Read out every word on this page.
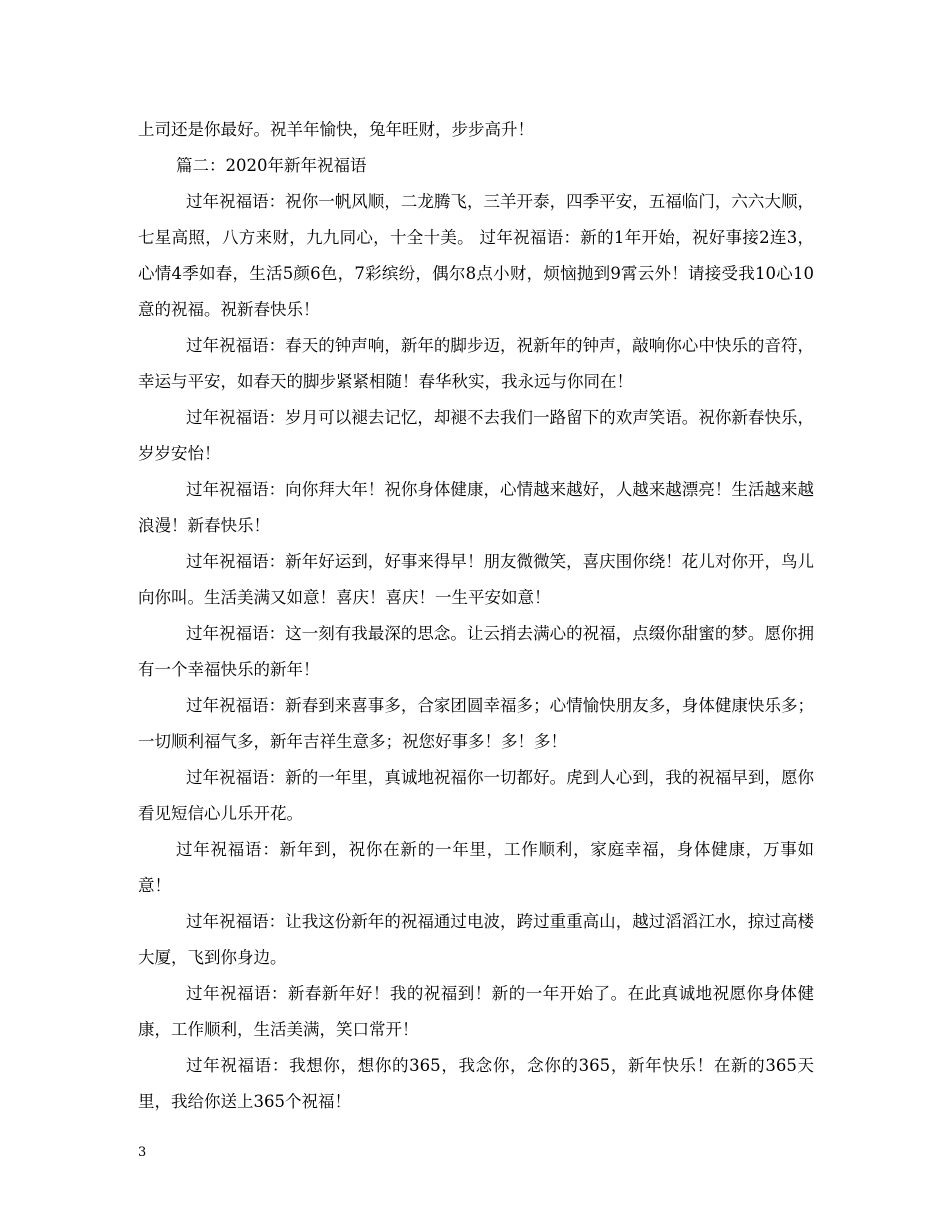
上司还是你最好。祝羊年愉快，兔年旺财，步步高升！

篇二：2020年新年祝福语

过年祝福语：祝你一帆风顺，二龙腾飞，三羊开泰，四季平安，五福临门，六六大顺，七星高照，八方来财，九九同心，十全十美。 过年祝福语：新的1年开始，祝好事接2连3，心情4季如春，生活5颜6色，7彩缤纷，偶尔8点小财，烦恼抛到9霄云外！请接受我10心10意的祝福。祝新春快乐！

过年祝福语：春天的钟声响，新年的脚步迈，祝新年的钟声，敲响你心中快乐的音符，幸运与平安，如春天的脚步紧紧相随！春华秋实，我永远与你同在！

过年祝福语：岁月可以褪去记忆，却褪不去我们一路留下的欢声笑语。祝你新春快乐，岁岁安怡！

过年祝福语：向你拜大年！祝你身体健康，心情越来越好，人越来越漂亮！生活越来越浪漫！新春快乐！

过年祝福语：新年好运到，好事来得早！朋友微微笑，喜庆围你绕！花儿对你开，鸟儿向你叫。生活美满又如意！喜庆！喜庆！一生平安如意！

过年祝福语：这一刻有我最深的思念。让云捎去满心的祝福，点缀你甜蜜的梦。愿你拥有一个幸福快乐的新年！

过年祝福语：新春到来喜事多，合家团圆幸福多；心情愉快朋友多，身体健康快乐多；一切顺利福气多，新年吉祥生意多；祝您好事多！多！多！

过年祝福语：新的一年里，真诚地祝福你一切都好。虎到人心到，我的祝福早到，愿你看见短信心儿乐开花。

过年祝福语：新年到，祝你在新的一年里，工作顺利，家庭幸福，身体健康，万事如意！

过年祝福语：让我这份新年的祝福通过电波，跨过重重高山，越过滔滔江水，掠过高楼大厦，飞到你身边。

过年祝福语：新春新年好！我的祝福到！新的一年开始了。在此真诚地祝愿你身体健康，工作顺利，生活美满，笑口常开！

过年祝福语：我想你，想你的365，我念你，念你的365，新年快乐！在新的365天里，我给你送上365个祝福！

3
